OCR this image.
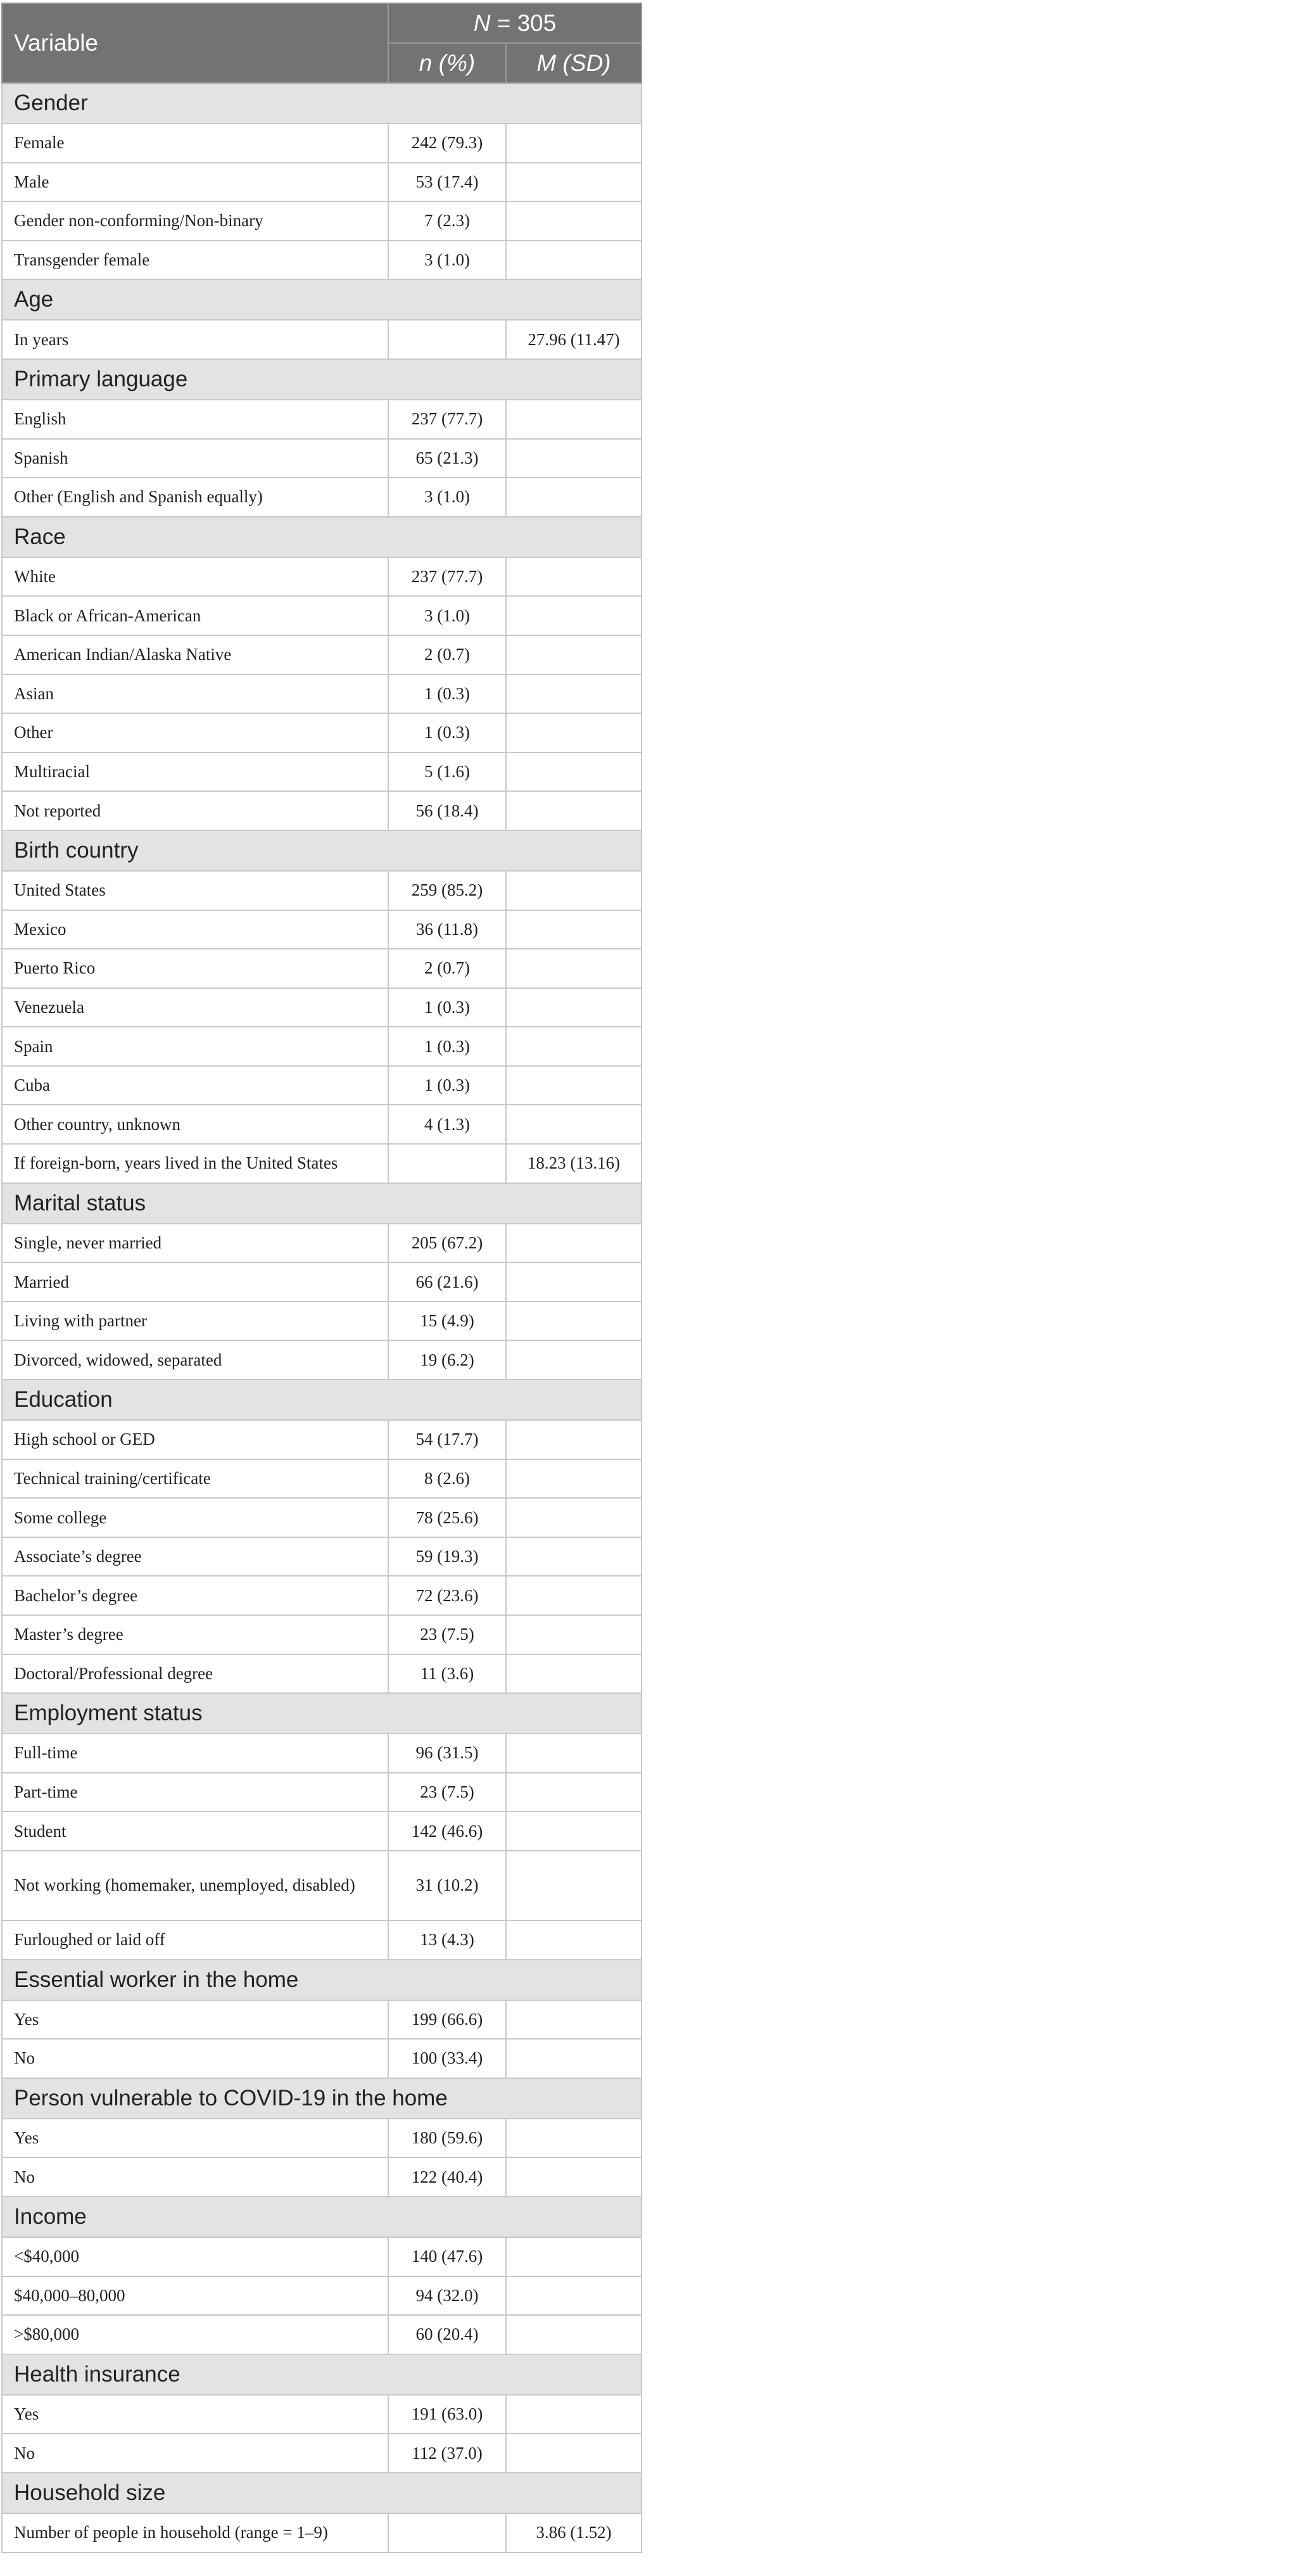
Variable	N = 305	
	n (%)	M (SD)
Gender		
Female	242 (79.3)	
Male	53 (17.4)	
Gender non-conforming/Non-binary	7 (2.3)	
Transgender female	3 (1.0)	
Age		
In years		27.96 (11.47)
Primary language		
English	237 (77.7)	
Spanish	65 (21.3)	
Other (English and Spanish equally)	3 (1.0)	
Race		
White	237 (77.7)	
Black or African-American	3 (1.0)	
American Indian/Alaska Native	2 (0.7)	
Asian	1 (0.3)	
Other	1 (0.3)	
Multiracial	5 (1.6)	
Not reported	56 (18.4)	
Birth country		
United States	259 (85.2)	
Mexico	36 (11.8)	
Puerto Rico	2 (0.7)	
Venezuela	1 (0.3)	
Spain	1 (0.3)	
Cuba	1 (0.3)	
Other country, unknown	4 (1.3)	
If foreign-born, years lived in the United States		18.23 (13.16)
Marital status		
Single, never married	205 (67.2)	
Married	66 (21.6)	
Living with partner	15 (4.9)	
Divorced, widowed, separated	19 (6.2)	
Education		
High school or GED	54 (17.7)	
Technical training/certificate	8 (2.6)	
Some college	78 (25.6)	
Associate’s degree	59 (19.3)	
Bachelor’s degree	72 (23.6)	
Master’s degree	23 (7.5)	
Doctoral/Professional degree	11 (3.6)	
Employment status		
Full-time	96 (31.5)	
Part-time	23 (7.5)	
Student	142 (46.6)	
Not working (homemaker, unemployed, disabled)	31 (10.2)	
Furloughed or laid off	13 (4.3)	
Essential worker in the home		
Yes	199 (66.6)	
No	100 (33.4)	
Person vulnerable to COVID-19 in the home		
Yes	180 (59.6)	
No	122 (40.4)	
Income		
<$40,000	140 (47.6)	
$40,000–80,000	94 (32.0)	
>$80,000	60 (20.4)	
Health insurance		
Yes	191 (63.0)	
No	112 (37.0)	
Household size		
Number of people in household (range = 1–9)		3.86 (1.52)
